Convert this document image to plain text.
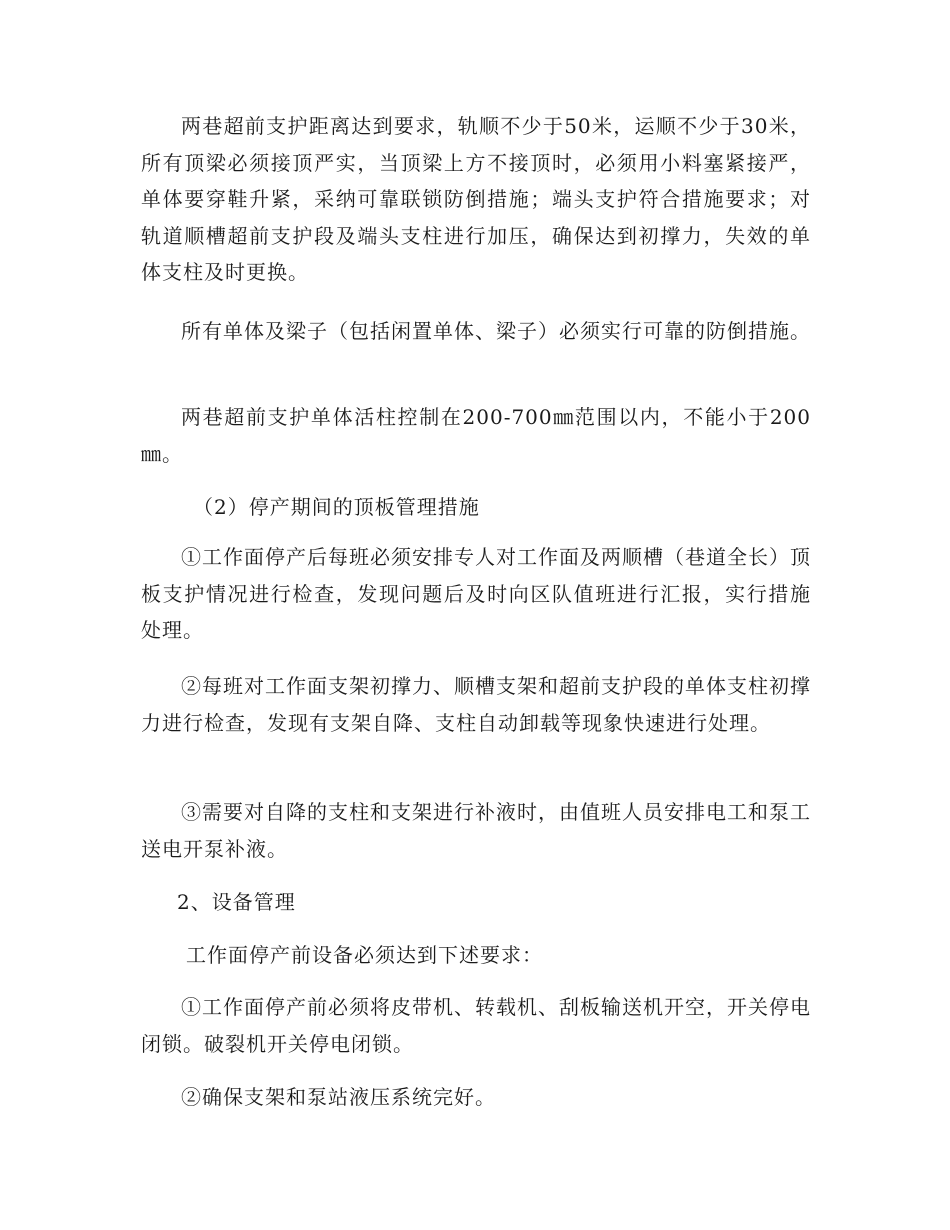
两巷超前支护距离达到要求，轨顺不少于50米，运顺不少于30米，所有顶梁必须接顶严实，当顶梁上方不接顶时，必须用小料塞紧接严，单体要穿鞋升紧，采纳可靠联锁防倒措施；端头支护符合措施要求；对轨道顺槽超前支护段及端头支柱进行加压，确保达到初撑力，失效的单体支柱及时更换。

所有单体及梁子（包括闲置单体、梁子）必须实行可靠的防倒措施。

两巷超前支护单体活柱控制在200-700㎜范围以内，不能小于200㎜。

（2）停产期间的顶板管理措施

①工作面停产后每班必须安排专人对工作面及两顺槽（巷道全长）顶板支护情况进行检查，发现问题后及时向区队值班进行汇报，实行措施处理。

②每班对工作面支架初撑力、顺槽支架和超前支护段的单体支柱初撑力进行检查，发现有支架自降、支柱自动卸载等现象快速进行处理。

③需要对自降的支柱和支架进行补液时，由值班人员安排电工和泵工送电开泵补液。

2、设备管理

工作面停产前设备必须达到下述要求：

①工作面停产前必须将皮带机、转载机、刮板输送机开空，开关停电闭锁。破裂机开关停电闭锁。

②确保支架和泵站液压系统完好。
